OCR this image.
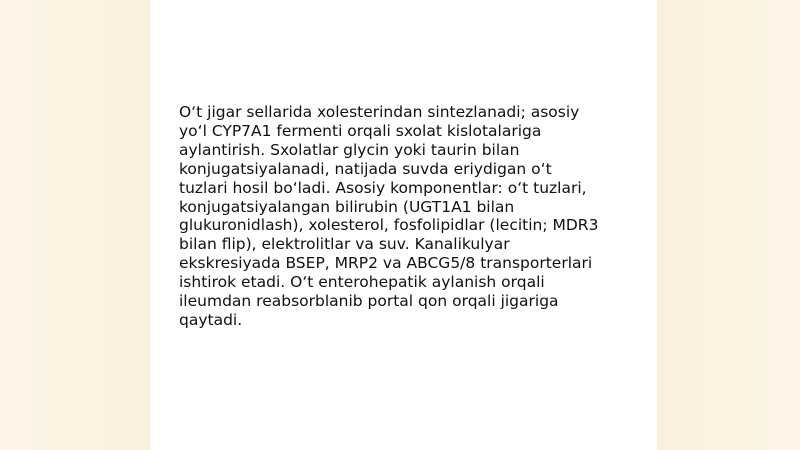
O‘t jigar sellarida xolesterindan sintezlanadi; asosiy
yo‘l CYP7A1 fermenti orqali sxolat kislotalariga
aylantirish. Sxolatlar glycin yoki taurin bilan
konjugatsiyalanadi, natijada suvda eriydigan o‘t
tuzlari hosil bo‘ladi. Asosiy komponentlar: o‘t tuzlari,
konjugatsiyalangan bilirubin (UGT1A1 bilan
glukuronidlash), xolesterol, fosfolipidlar (lecitin; MDR3
bilan flip), elektrolitlar va suv. Kanalikulyar
ekskresiyada BSEP, MRP2 va ABCG5/8 transporterlari
ishtirok etadi. O‘t enterohepatik aylanish orqali
ileumdan reabsorblanib portal qon orqali jigariga
qaytadi.
